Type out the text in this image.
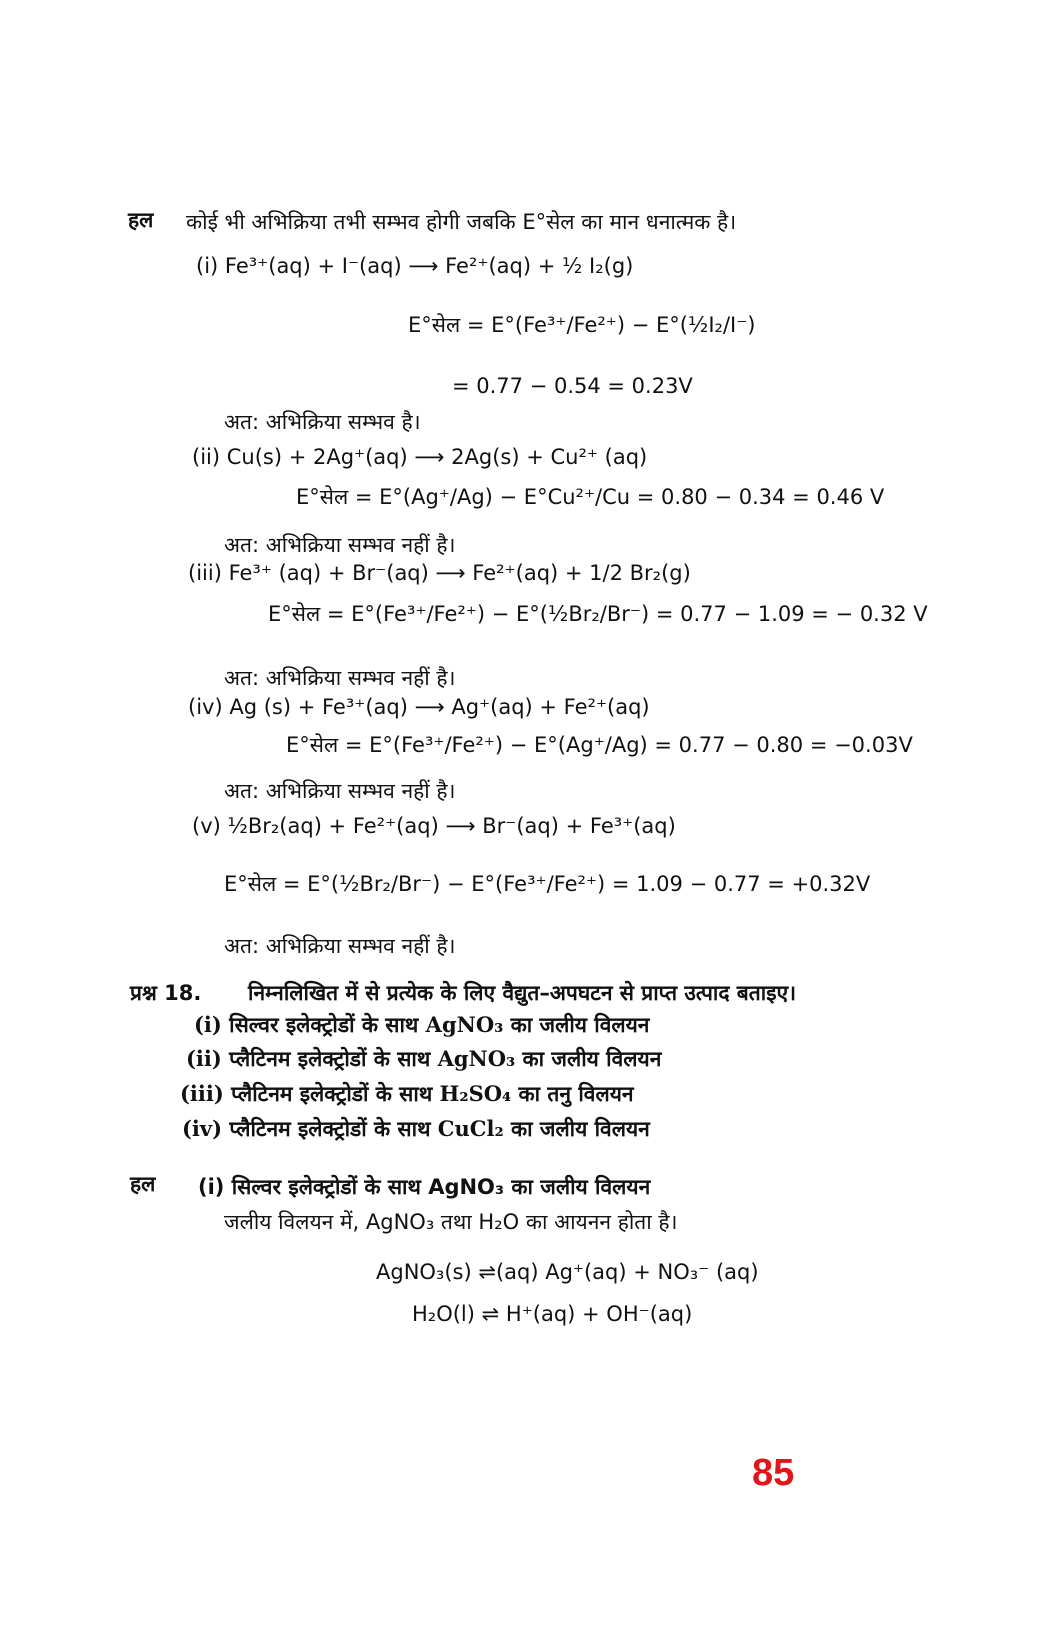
हल कोई भी अभिक्रिया तभी सम्भव होगी जबकि E°सेल का मान धनात्मक है।
(i) Fe³⁺(aq) + I⁻(aq) ⟶ Fe²⁺(aq) + ½ I₂(g)
E°सेल = E°(Fe³⁺/Fe²⁺) − E°(½I₂/I⁻)
= 0.77 − 0.54 = 0.23V
अत: अभिक्रिया सम्भव है।
(ii) Cu(s) + 2Ag⁺(aq) ⟶ 2Ag(s) + Cu²⁺ (aq)
E°सेल = E°(Ag⁺/Ag) − E°Cu²⁺/Cu = 0.80 − 0.34 = 0.46 V
अत: अभिक्रिया सम्भव नहीं है।
(iii) Fe³⁺ (aq) + Br⁻(aq) ⟶ Fe²⁺(aq) + 1/2 Br₂(g)
E°सेल = E°(Fe³⁺/Fe²⁺) − E°(½Br₂/Br⁻) = 0.77 − 1.09 = − 0.32 V
अत: अभिक्रिया सम्भव नहीं है।
(iv) Ag (s) + Fe³⁺(aq) ⟶ Ag⁺(aq) + Fe²⁺(aq)
E°सेल = E°(Fe³⁺/Fe²⁺) − E°(Ag⁺/Ag) = 0.77 − 0.80 = −0.03V
अत: अभिक्रिया सम्भव नहीं है।
(v) ½Br₂(aq) + Fe²⁺(aq) ⟶ Br⁻(aq) + Fe³⁺(aq)
E°सेल = E°(½Br₂/Br⁻) − E°(Fe³⁺/Fe²⁺) = 1.09 − 0.77 = +0.32V
अत: अभिक्रिया सम्भव नहीं है।
प्रश्न 18. निम्नलिखित में से प्रत्येक के लिए वैद्युत–अपघटन से प्राप्त उत्पाद बताइए।
(i) सिल्वर इलेक्ट्रोडों के साथ AgNO₃ का जलीय विलयन
(ii) प्लैटिनम इलेक्ट्रोडों के साथ AgNO₃ का जलीय विलयन
(iii) प्लैटिनम इलेक्ट्रोडों के साथ H₂SO₄ का तनु विलयन
(iv) प्लैटिनम इलेक्ट्रोडों के साथ CuCl₂ का जलीय विलयन
हल (i) सिल्वर इलेक्ट्रोडों के साथ AgNO₃ का जलीय विलयन
जलीय विलयन में, AgNO₃ तथा H₂O का आयनन होता है।
AgNO₃(s) ⇌(aq) Ag⁺(aq) + NO₃⁻ (aq)
H₂O(l) ⇌ H⁺(aq) + OH⁻(aq)
85
